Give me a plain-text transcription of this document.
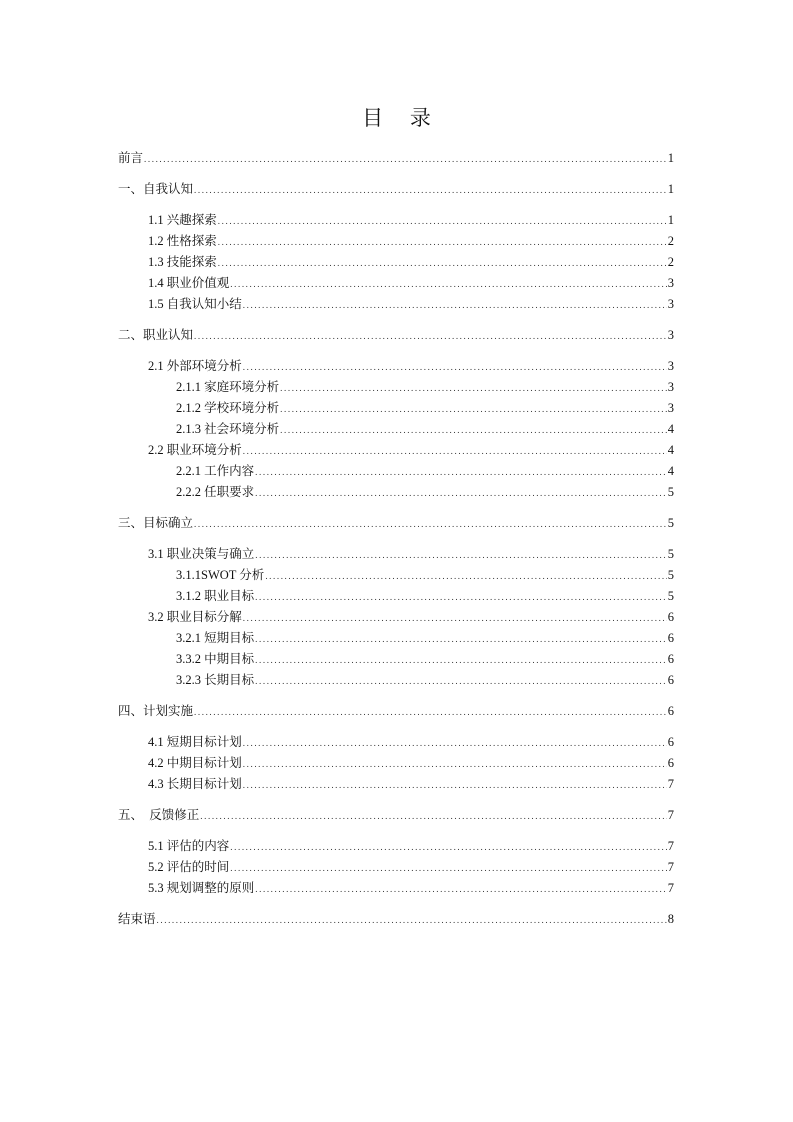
目 录
前言 .....	1
一、自我认知 .....	1
1.1 兴趣探索 .....	1
1.2 性格探索 .....	2
1.3 技能探索 .....	2
1.4 职业价值观 .....	3
1.5 自我认知小结 .....	3
二、职业认知 .....	3
2.1 外部环境分析 .....	3
2.1.1 家庭环境分析 .....	3
2.1.2 学校环境分析 .....	3
2.1.3 社会环境分析 .....	4
2.2 职业环境分析 .....	4
2.2.1 工作内容 .....	4
2.2.2 任职要求 .....	5
三、目标确立 .....	5
3.1 职业决策与确立 .....	5
3.1.1SWOT 分析 .....	5
3.1.2 职业目标 .....	5
3.2 职业目标分解 .....	6
3.2.1 短期目标 .....	6
3.3.2 中期目标 .....	6
3.2.3 长期目标 .....	6
四、计划实施 .....	6
4.1 短期目标计划 .....	6
4.2 中期目标计划 .....	6
4.3 长期目标计划 .....	7
五、  反馈修正 .....	7
5.1 评估的内容 .....	7
5.2 评估的时间 .....	7
5.3 规划调整的原则 .....	7
结束语 .....	8
